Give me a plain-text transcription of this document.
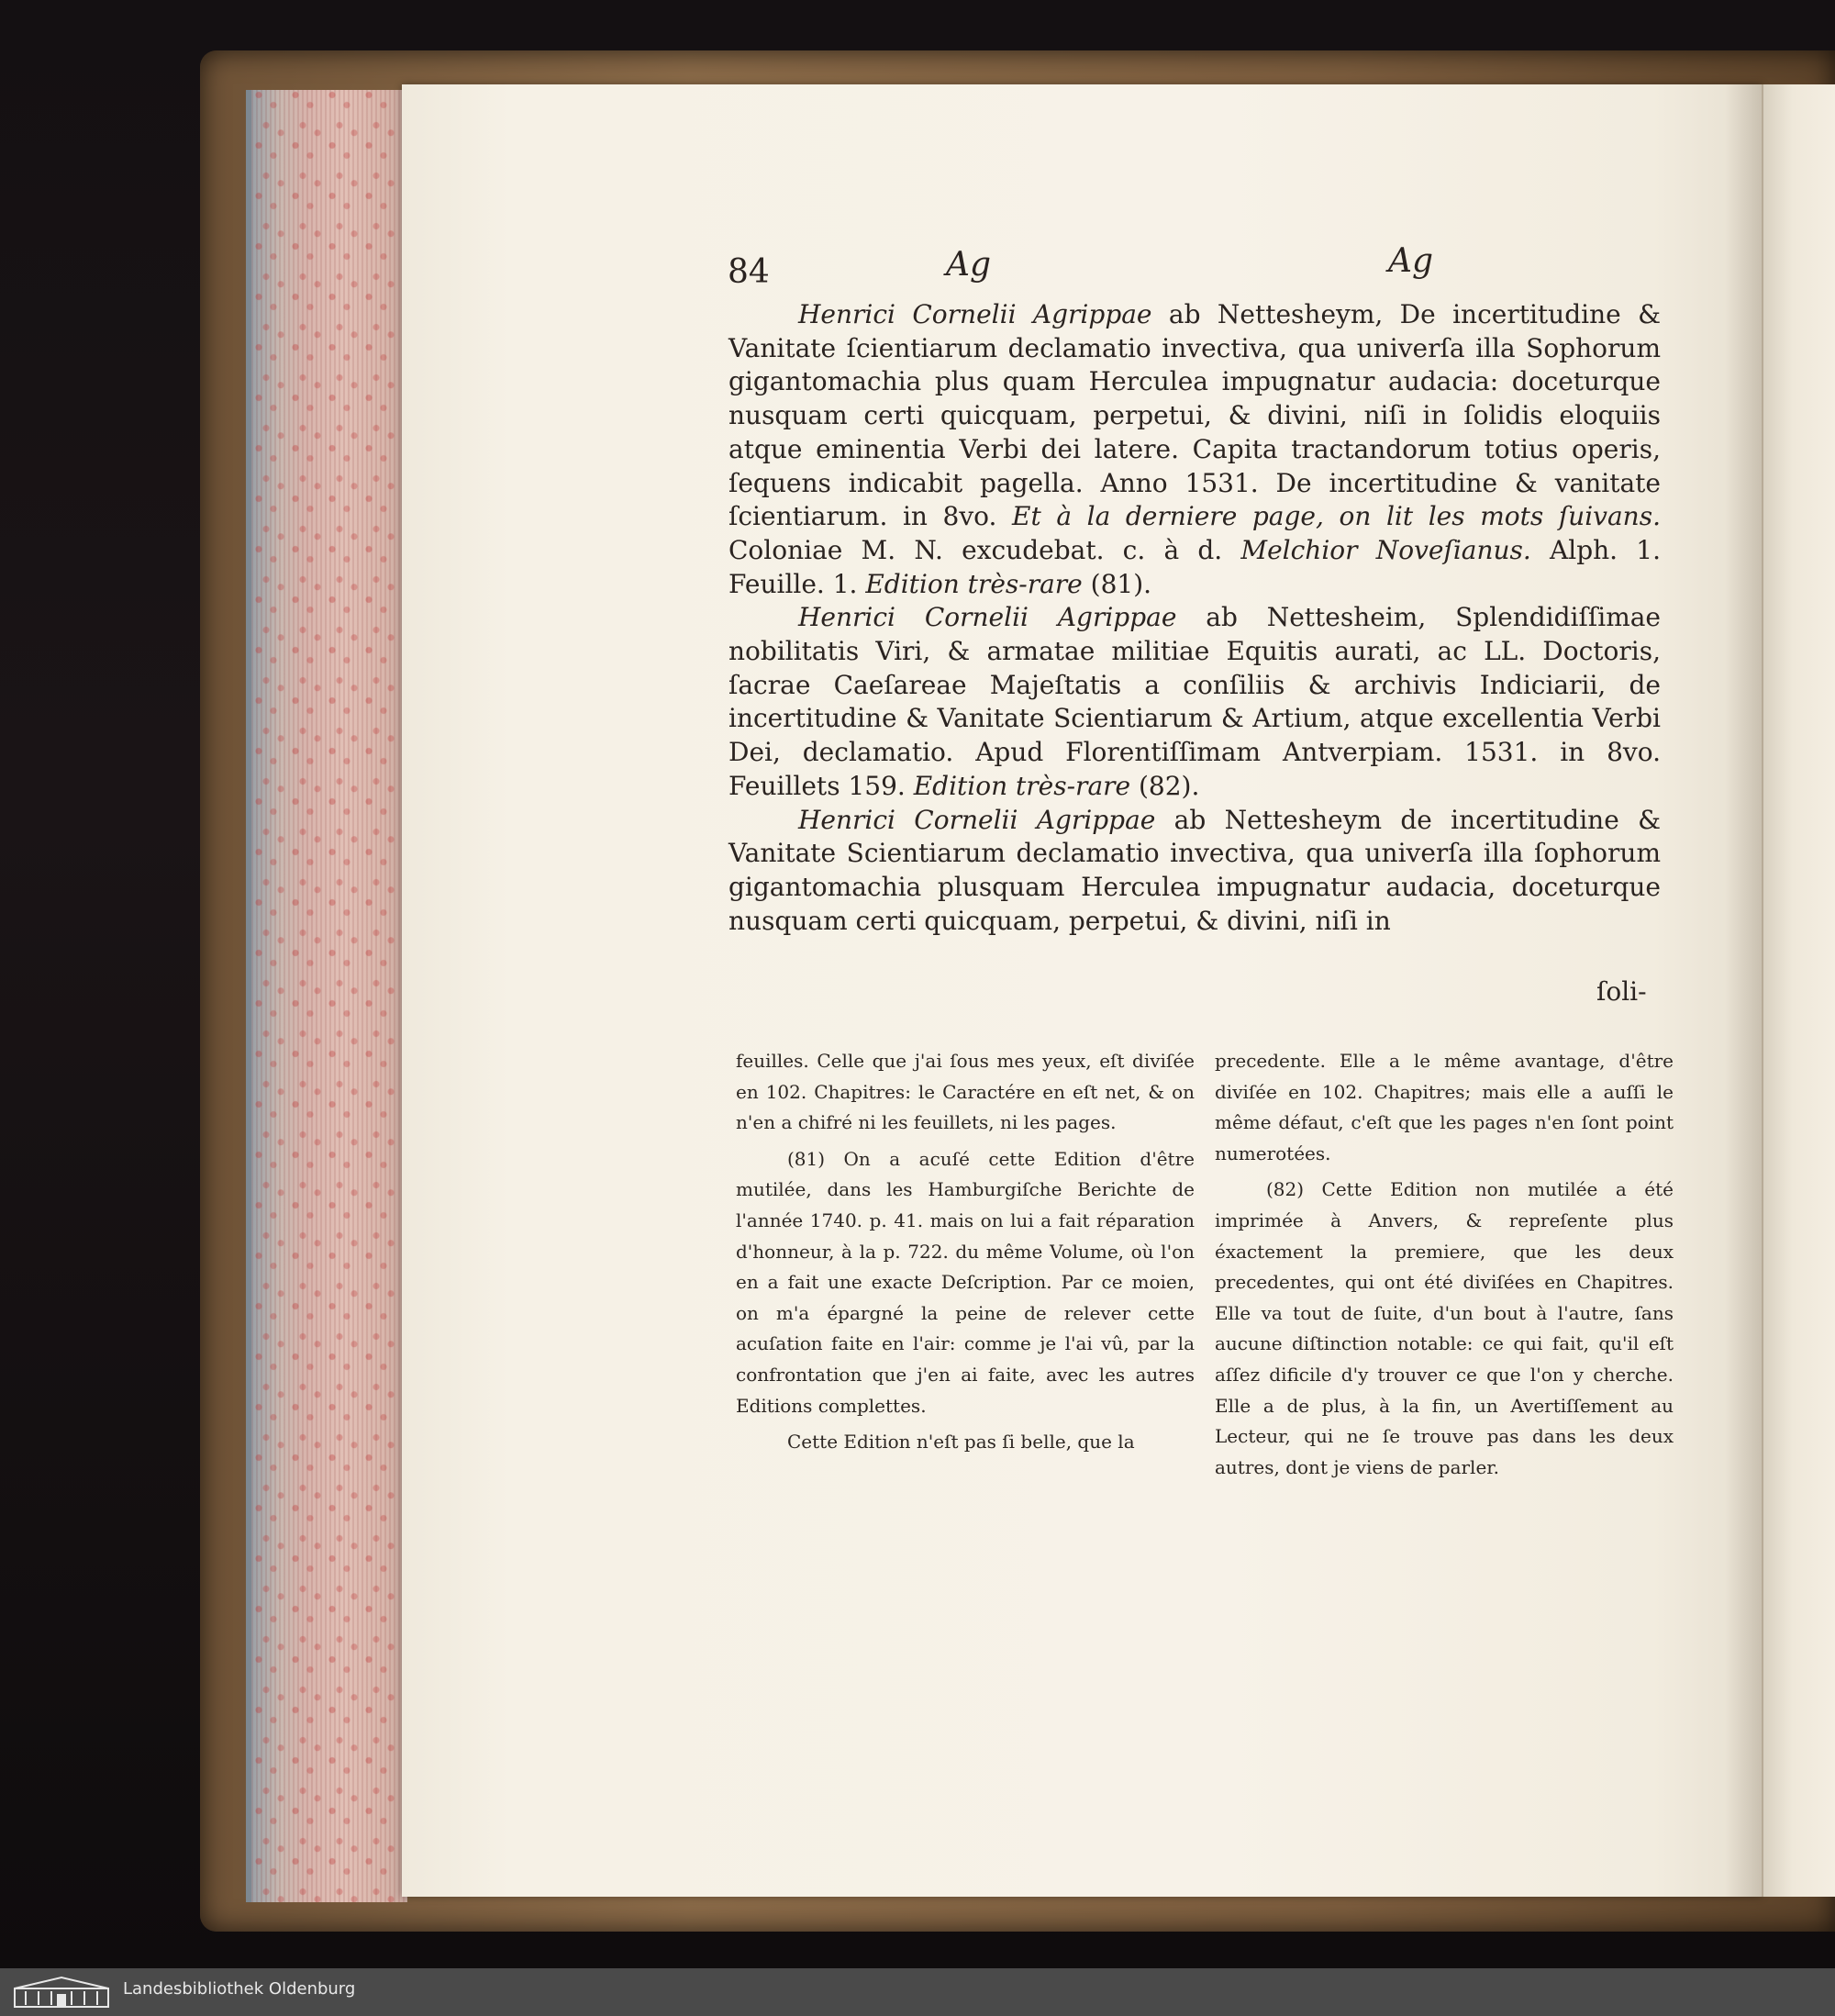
84	Ag	Ag

Henrici Cornelii Agrippae ab Nettesheym, De incertitudine & Vanitate ſcientiarum declamatio invectiva, qua univerſa illa Sophorum gigantomachia plus quam Herculea impugnatur audacia: doceturque nusquam certi quicquam, perpetui, & divini, niſi in ſolidis eloquiis atque eminentia Verbi dei latere. Capita tractandorum totius operis, ſequens indicabit pagella. Anno 1531. De incertitudine & vanitate ſcientiarum. in 8vo. Et à la derniere page, on lit les mots ſuivans. Coloniae M. N. excudebat. c. à d. Melchior Noveſianus. Alph. 1. Feuille. 1. Edition très-rare (81).

Henrici Cornelii Agrippae ab Nettesheim, Splendidiſſimae nobilitatis Viri, & armatae militiae Equitis aurati, ac LL. Doctoris, ſacrae Caeſareae Majeſtatis a conſiliis & archivis Indiciarii, de incertitudine & Vanitate Scientiarum & Artium, atque excellentia Verbi Dei, declamatio. Apud Florentiſſimam Antverpiam. 1531. in 8vo. Feuillets 159. Edition très-rare (82).

Henrici Cornelii Agrippae ab Nettesheym de incertitudine & Vanitate Scientiarum declamatio invectiva, qua univerſa illa ſophorum gigantomachia plusquam Herculea impugnatur audacia, doceturque nusquam certi quicquam, perpetui, & divini, niſi in

ſoli-

feuilles. Celle que j'ai ſous mes yeux, eſt diviſée en 102. Chapitres: le Caractére en eſt net, & on n'en a chifré ni les feuillets, ni les pages.

(81) On a acuſé cette Edition d'être mutilée, dans les Hamburgiſche Berichte de l'année 1740. p. 41. mais on lui a fait réparation d'honneur, à la p. 722. du même Volume, où l'on en a fait une exacte Deſcription. Par ce moien, on m'a épargné la peine de relever cette acuſation faite en l'air: comme je l'ai vû, par la confrontation que j'en ai faite, avec les autres Editions complettes.

Cette Edition n'eſt pas ſi belle, que la

precedente. Elle a le même avantage, d'être diviſée en 102. Chapitres; mais elle a auſſi le même défaut, c'eſt que les pages n'en ſont point numerotées.

(82) Cette Edition non mutilée a été imprimée à Anvers, & repreſente plus éxactement la premiere, que les deux precedentes, qui ont été diviſées en Chapitres. Elle va tout de ſuite, d'un bout à l'autre, ſans aucune diſtinction notable: ce qui fait, qu'il eſt aſſez dificile d'y trouver ce que l'on y cherche. Elle a de plus, à la fin, un Avertiſſement au Lecteur, qui ne ſe trouve pas dans les deux autres, dont je viens de parler.

Landesbibliothek Oldenburg
